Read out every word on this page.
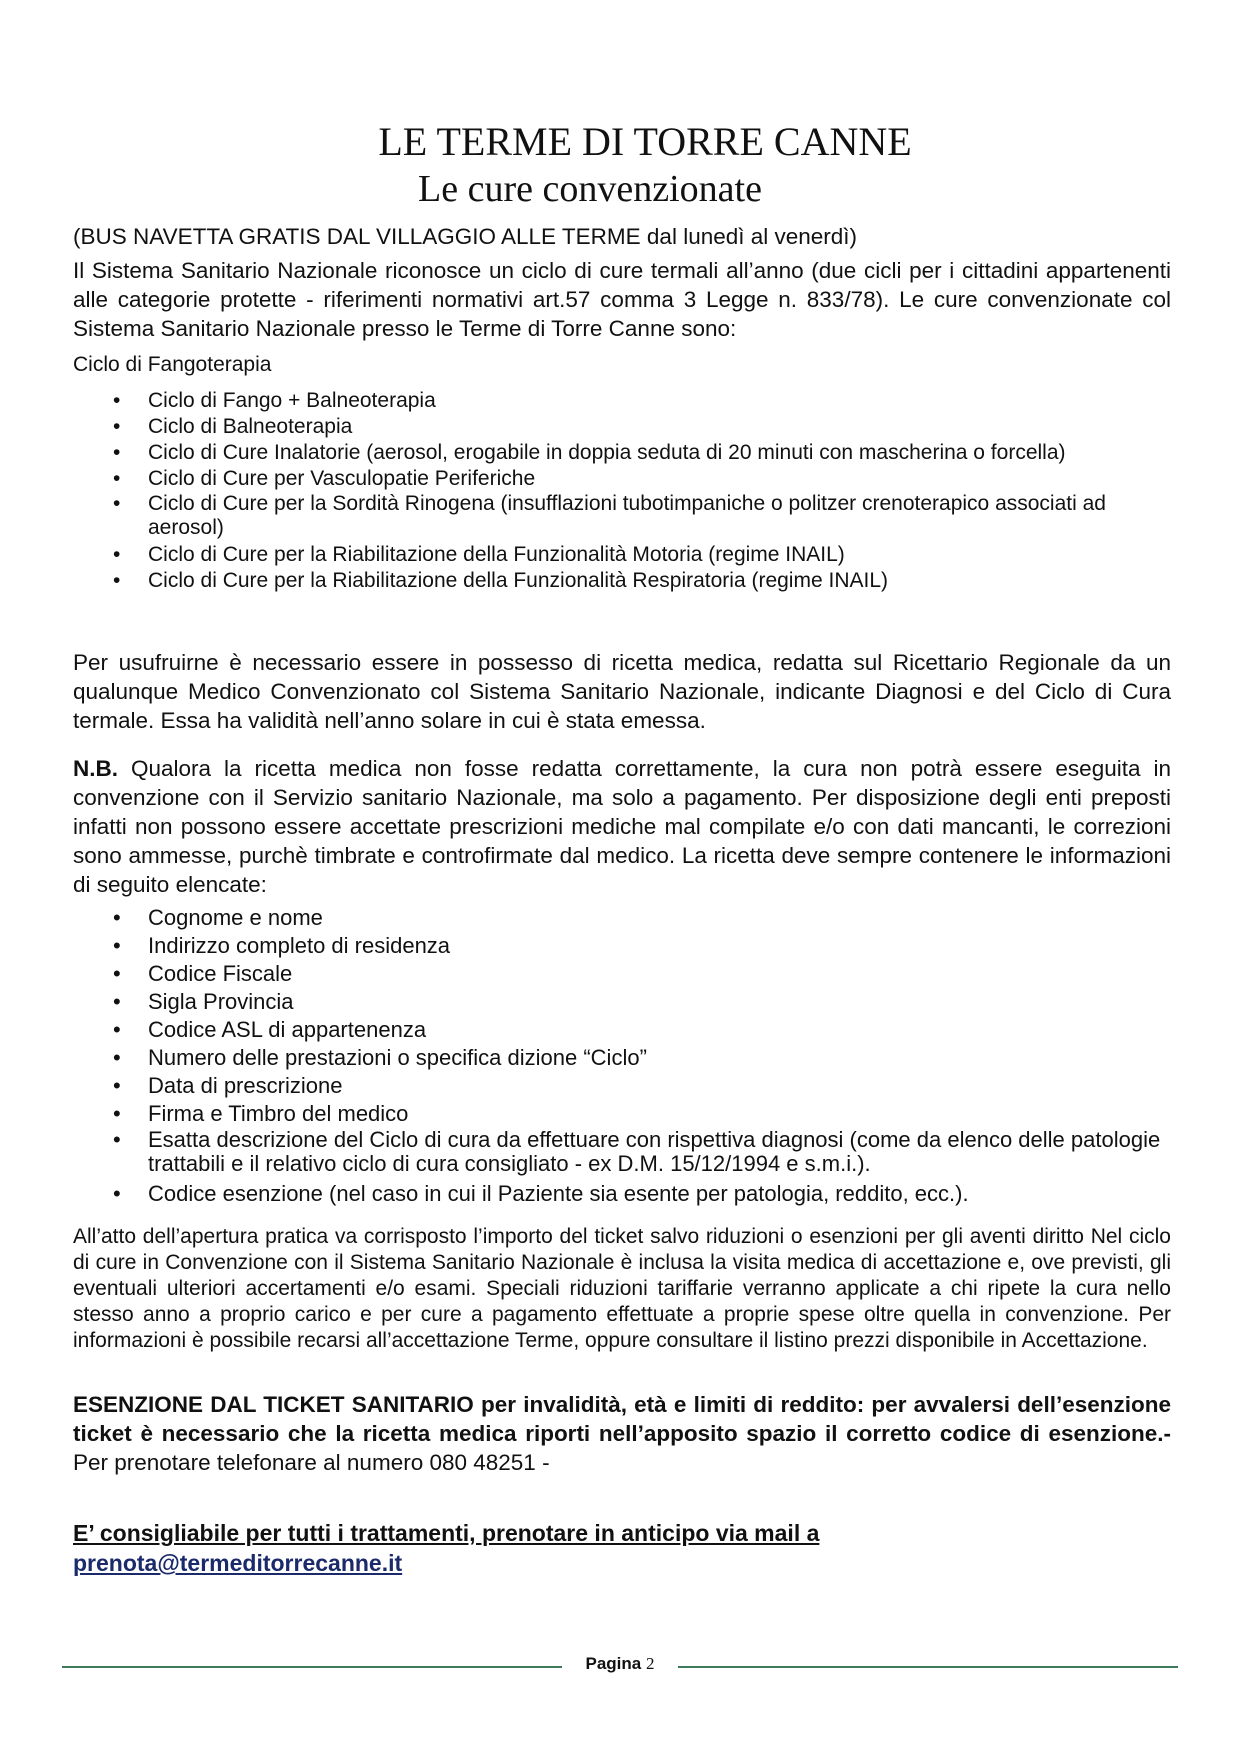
LE TERME DI TORRE CANNE
Le cure convenzionate

(BUS NAVETTA GRATIS DAL VILLAGGIO ALLE TERME dal lunedì al venerdì)

Il Sistema Sanitario Nazionale riconosce un ciclo di cure termali all’anno (due cicli per i cittadini appartenenti alle categorie protette - riferimenti normativi art.57 comma 3 Legge n. 833/78). Le cure convenzionate col Sistema Sanitario Nazionale presso le Terme di Torre Canne sono:

Ciclo di Fangoterapia

• Ciclo di Fango + Balneoterapia
• Ciclo di Balneoterapia
• Ciclo di Cure Inalatorie (aerosol, erogabile in doppia seduta di 20 minuti con mascherina o forcella)
• Ciclo di Cure per Vasculopatie Periferiche
• Ciclo di Cure per la Sordità Rinogena (insufflazioni tubotimpaniche o politzer crenoterapico associati ad aerosol)
• Ciclo di Cure per la Riabilitazione della Funzionalità Motoria (regime INAIL)
• Ciclo di Cure per la Riabilitazione della Funzionalità Respiratoria (regime INAIL)

Per usufruirne è necessario essere in possesso di ricetta medica, redatta sul Ricettario Regionale da un qualunque Medico Convenzionato col Sistema Sanitario Nazionale, indicante Diagnosi e del Ciclo di Cura termale. Essa ha validità nell’anno solare in cui è stata emessa.

N.B. Qualora la ricetta medica non fosse redatta correttamente, la cura non potrà essere eseguita in convenzione con il Servizio sanitario Nazionale, ma solo a pagamento. Per disposizione degli enti preposti infatti non possono essere accettate prescrizioni mediche mal compilate e/o con dati mancanti, le correzioni sono ammesse, purchè timbrate e controfirmate dal medico. La ricetta deve sempre contenere le informazioni di seguito elencate:

• Cognome e nome
• Indirizzo completo di residenza
• Codice Fiscale
• Sigla Provincia
• Codice ASL di appartenenza
• Numero delle prestazioni o specifica dizione “Ciclo”
• Data di prescrizione
• Firma e Timbro del medico
• Esatta descrizione del Ciclo di cura da effettuare con rispettiva diagnosi (come da elenco delle patologie trattabili e il relativo ciclo di cura consigliato - ex D.M. 15/12/1994 e s.m.i.).
• Codice esenzione (nel caso in cui il Paziente sia esente per patologia, reddito, ecc.).

All’atto dell’apertura pratica va corrisposto l’importo del ticket salvo riduzioni o esenzioni per gli aventi diritto Nel ciclo di cure in Convenzione con il Sistema Sanitario Nazionale è inclusa la visita medica di accettazione e, ove previsti, gli eventuali ulteriori accertamenti e/o esami. Speciali riduzioni tariffarie verranno applicate a chi ripete la cura nello stesso anno a proprio carico e per cure a pagamento effettuate a proprie spese oltre quella in convenzione. Per informazioni è possibile recarsi all’accettazione Terme, oppure consultare il listino prezzi disponibile in Accettazione.

ESENZIONE DAL TICKET SANITARIO per invalidità, età e limiti di reddito: per avvalersi dell’esenzione ticket è necessario che la ricetta medica riporti nell’apposito spazio il corretto codice di esenzione.- Per prenotare telefonare al numero 080 48251 -

E’ consigliabile per tutti i trattamenti, prenotare in anticipo via mail a
prenota@termeditorrecanne.it
Pagina 2
